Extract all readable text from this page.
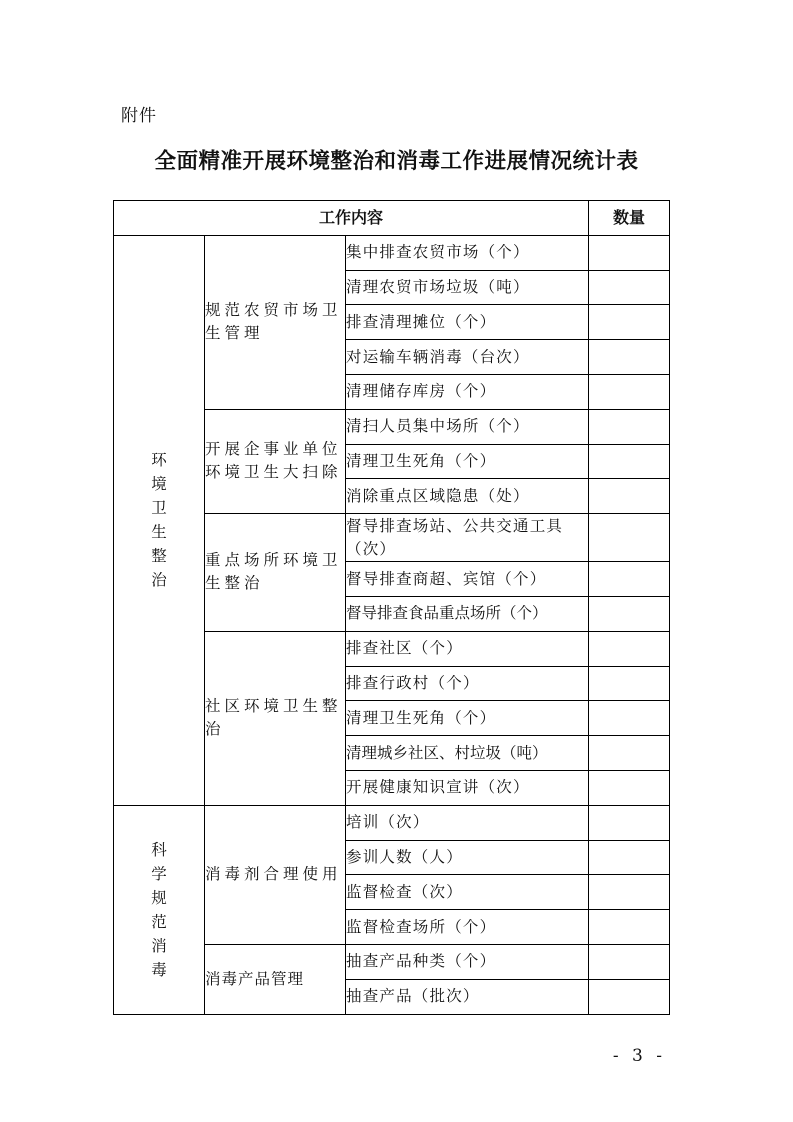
附件
全面精准开展环境整治和消毒工作进展情况统计表
工作内容			数量
环境卫生整治	规范农贸市场卫生管理	集中排查农贸市场（个）	
		清理农贸市场垃圾（吨）	
		排查清理摊位（个）	
		对运输车辆消毒（台次）	
		清理储存库房（个）	
	开展企事业单位环境卫生大扫除	清扫人员集中场所（个）	
		清理卫生死角（个）	
		消除重点区域隐患（处）	
	重点场所环境卫生整治	督导排查场站、公共交通工具（次）	
		督导排查商超、宾馆（个）	
		督导排查食品重点场所（个）	
	社区环境卫生整治	排查社区（个）	
		排查行政村（个）	
		清理卫生死角（个）	
		清理城乡社区、村垃圾（吨）	
		开展健康知识宣讲（次）	
科学规范消毒	消毒剂合理使用	培训（次）	
		参训人数（人）	
		监督检查（次）	
		监督检查场所（个）	
	消毒产品管理	抽查产品种类（个）	
		抽查产品（批次）	
- 3 -
